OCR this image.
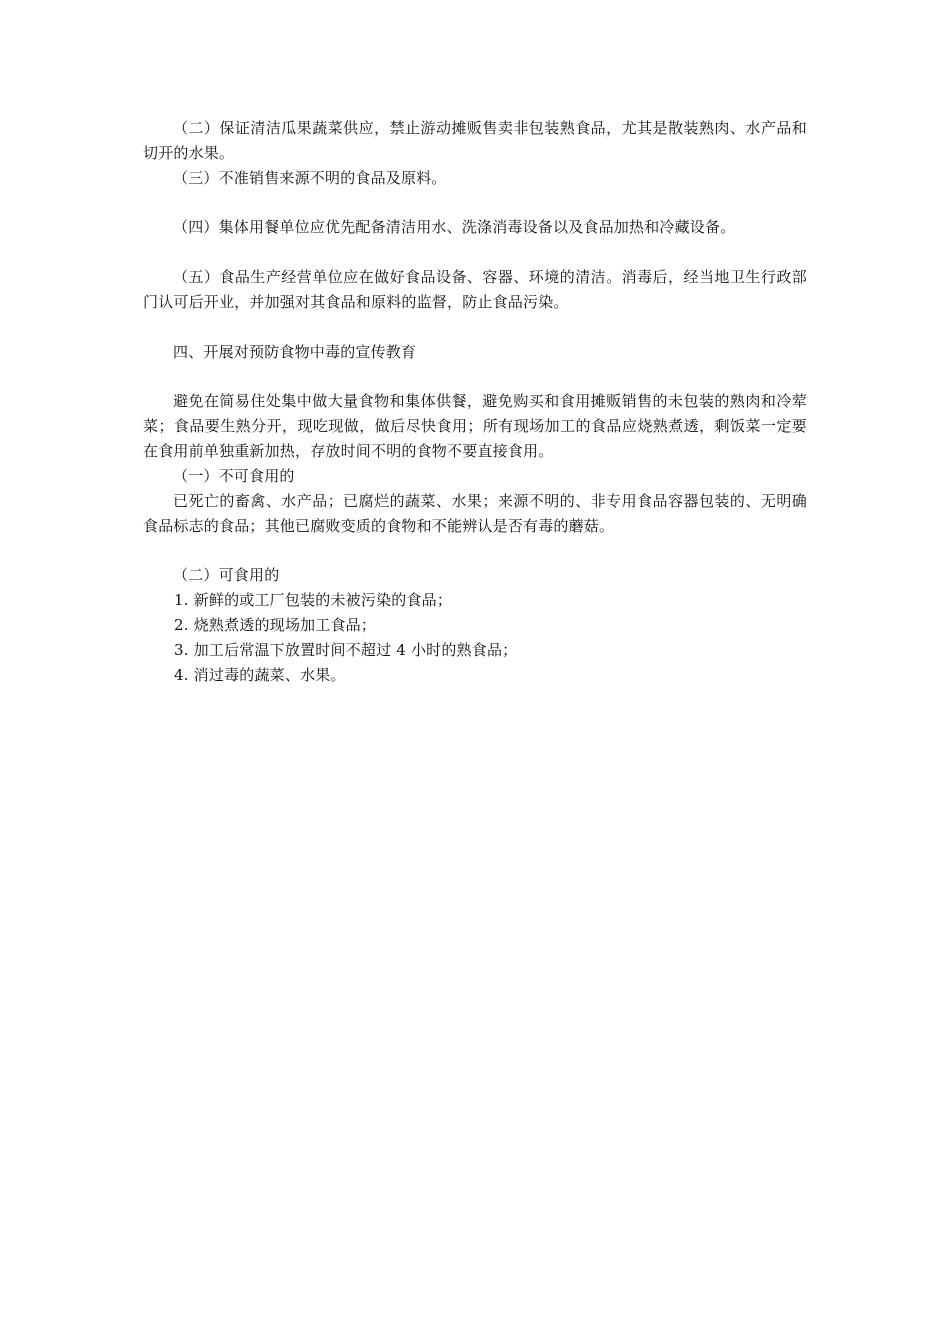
（二）保证清洁瓜果蔬菜供应，禁止游动摊贩售卖非包装熟食品，尤其是散装熟肉、水产品和切开的水果。

（三）不准销售来源不明的食品及原料。

（四）集体用餐单位应优先配备清洁用水、洗涤消毒设备以及食品加热和冷藏设备。

（五）食品生产经营单位应在做好食品设备、容器、环境的清洁。消毒后，经当地卫生行政部门认可后开业，并加强对其食品和原料的监督，防止食品污染。

四、开展对预防食物中毒的宣传教育

避免在简易住处集中做大量食物和集体供餐，避免购买和食用摊贩销售的未包装的熟肉和冷荤菜；食品要生熟分开，现吃现做，做后尽快食用；所有现场加工的食品应烧熟煮透，剩饭菜一定要在食用前单独重新加热，存放时间不明的食物不要直接食用。

（一）不可食用的

已死亡的畜禽、水产品；已腐烂的蔬菜、水果；来源不明的、非专用食品容器包装的、无明确食品标志的食品；其他已腐败变质的食物和不能辨认是否有毒的蘑菇。

（二）可食用的

1. 新鲜的或工厂包装的未被污染的食品；

2. 烧熟煮透的现场加工食品；

3. 加工后常温下放置时间不超过 4 小时的熟食品；

4. 消过毒的蔬菜、水果。
